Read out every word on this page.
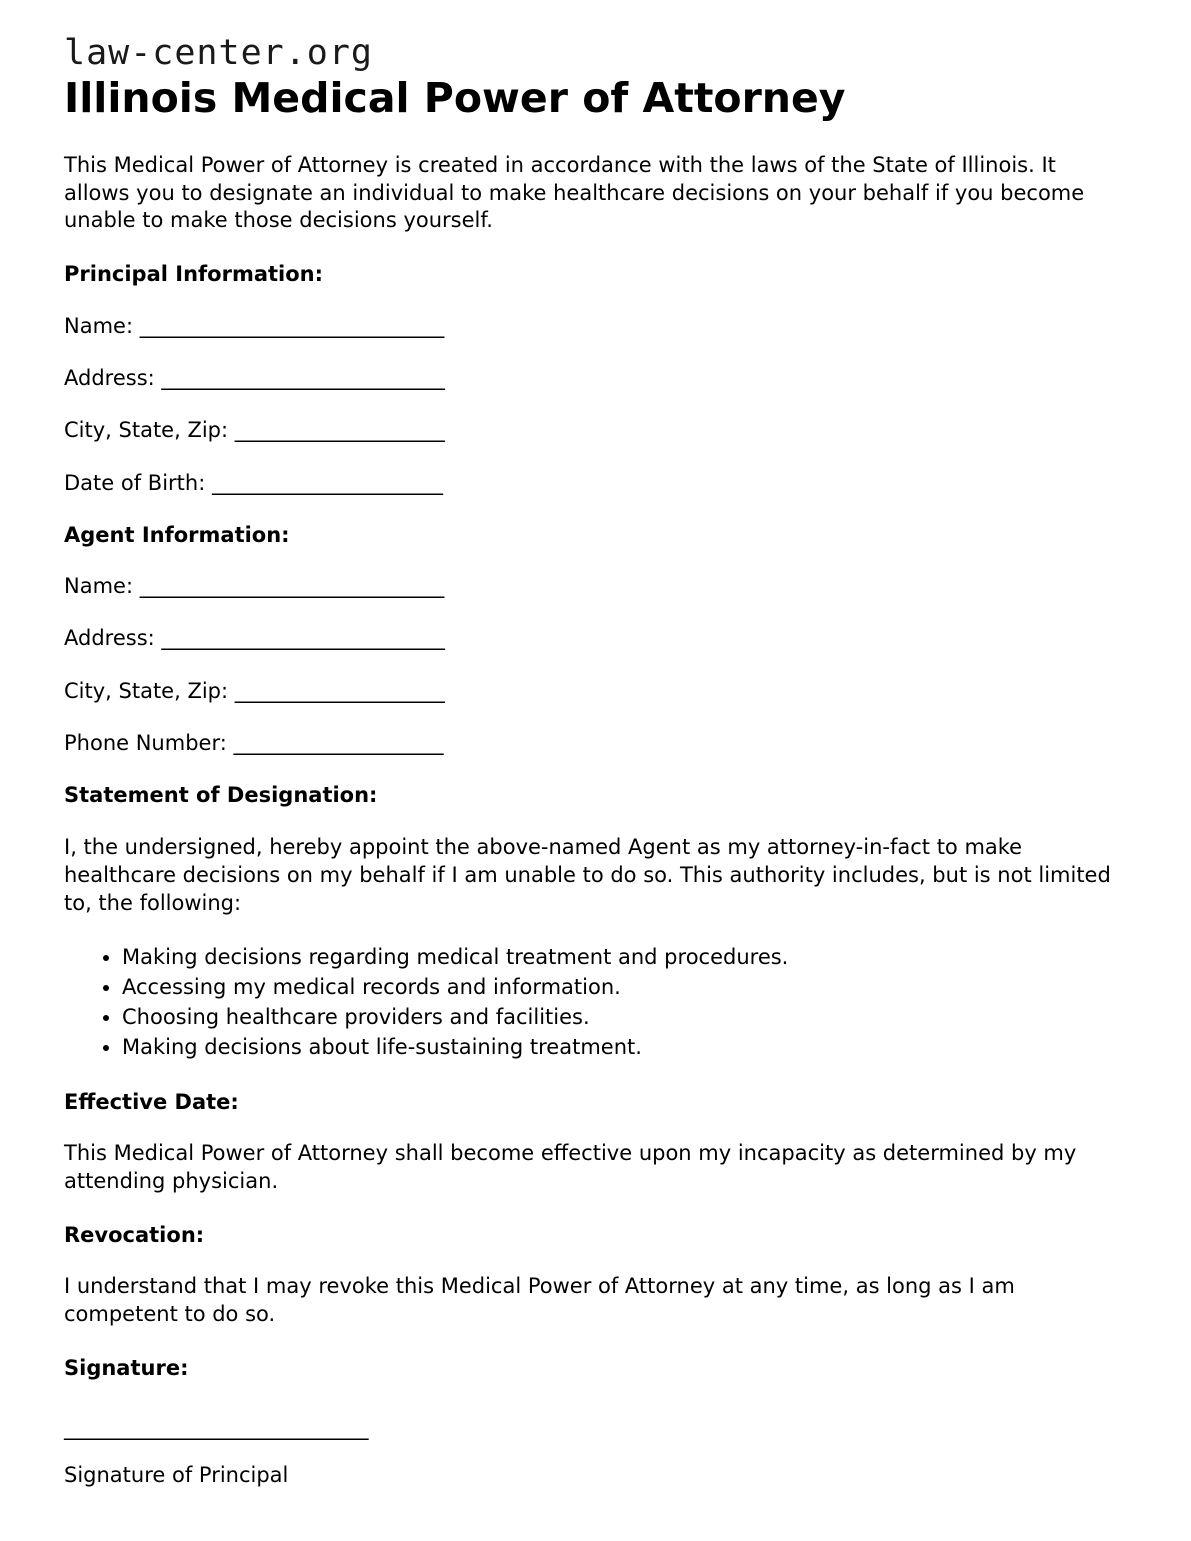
law-center.org
Illinois Medical Power of Attorney

This Medical Power of Attorney is created in accordance with the laws of the State of Illinois. It allows you to designate an individual to make healthcare decisions on your behalf if you become unable to make those decisions yourself.

Principal Information:
Name: _____________________________
Address: ___________________________
City, State, Zip: ____________________
Date of Birth: ______________________
Agent Information:
Name: _____________________________
Address: ___________________________
City, State, Zip: ____________________
Phone Number: ____________________
Statement of Designation:

I, the undersigned, hereby appoint the above-named Agent as my attorney-in-fact to make healthcare decisions on my behalf if I am unable to do so. This authority includes, but is not limited to, the following:

• Making decisions regarding medical treatment and procedures.
• Accessing my medical records and information.
• Choosing healthcare providers and facilities.
• Making decisions about life-sustaining treatment.
Effective Date:

This Medical Power of Attorney shall become effective upon my incapacity as determined by my attending physician.

Revocation:

I understand that I may revoke this Medical Power of Attorney at any time, as long as I am competent to do so.

Signature:
_____________________________
Signature of Principal
